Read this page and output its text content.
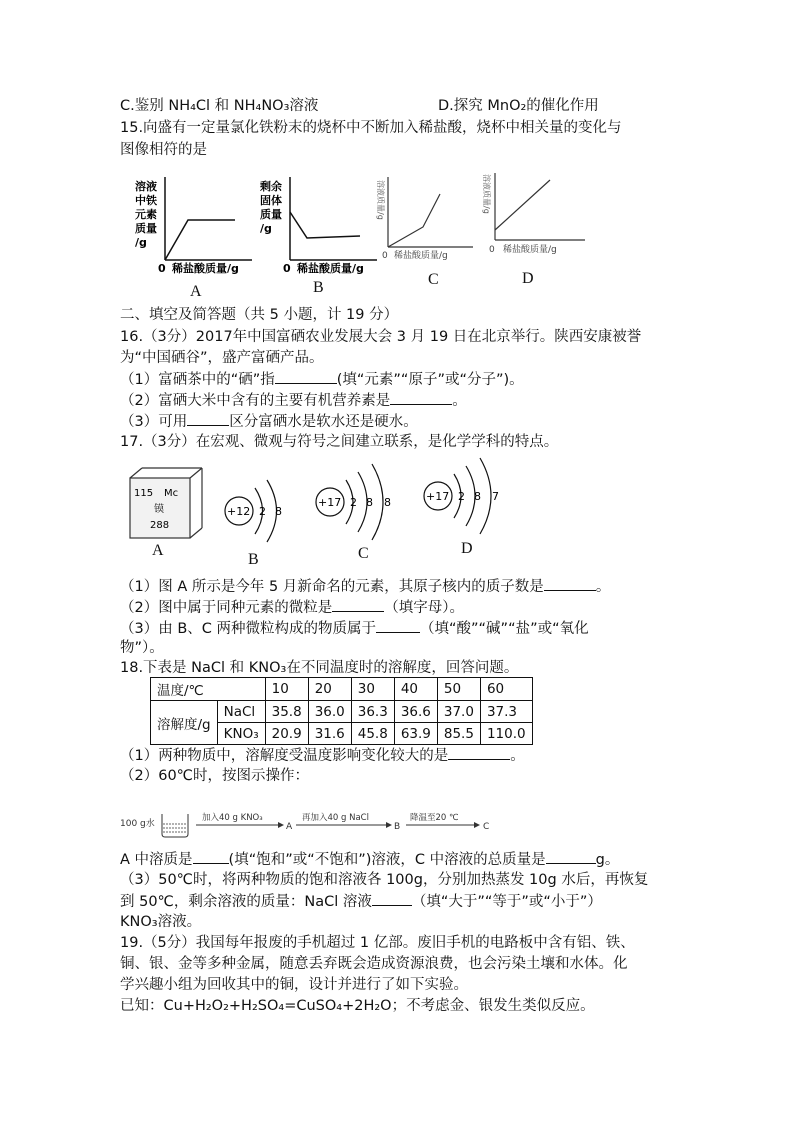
C.鉴别 NH₄Cl 和 NH₄NO₃溶液	D.探究 MnO₂的催化作用
15.向盛有一定量氯化铁粉末的烧杯中不断加入稀盐酸，烧杯中相关量的变化与
图像相符的是
溶液
中铁
元素
质量
/g
0 稀盐酸质量/g
A
剩余
固体
质量
/g
0 稀盐酸质量/g
B
溶液质量/g
0 稀盐酸质量/g
C
溶液质量/g
0 稀盐酸质量/g
D
二、填空及简答题（共 5 小题，计 19 分）
16.（3分）2017年中国富硒农业发展大会 3 月 19 日在北京举行。陕西安康被誉
为“中国硒谷”，盛产富硒产品。
（1）富硒茶中的“硒”指	(填“元素”“原子”或“分子”)。
（2）富硒大米中含有的主要有机营养素是	。
（3）可用	区分富硒水是软水还是硬水。
17.（3分）在宏观、微观与符号之间建立联系，是化学学科的特点。
115 Mc
镆
288
+12 2 8
+17 2 8 8	+17 2 8 7
A
B	C	D
（1）图 A 所示是今年 5 月新命名的元素，其原子核内的质子数是	。
（2）图中属于同种元素的微粒是	（填字母）。
（3）由 B、C 两种微粒构成的物质属于	（填“酸”“碱”“盐”或“氧化
物”）。
18.下表是 NaCl 和 KNO₃在不同温度时的溶解度，回答问题。
温度/℃		10	20	30	40	50	60
溶解度/g	NaCl	35.8	36.0	36.3	36.6	37.0	37.3
	KNO₃	20.9	31.6	45.8	63.9	85.5	110.0
（1）两种物质中，溶解度受温度影响变化较大的是	。
（2）60℃时，按图示操作：
100 g水
加入40 g KNO₃
A
再加入40 g NaCl
B
降温至20 ℃
C
A 中溶质是 (填“饱和”或“不饱和”)溶液，C 中溶液的总质量是	g。
（3）50℃时，将两种物质的饱和溶液各 100g，分别加热蒸发 10g 水后，再恢复
到 50℃，剩余溶液的质量：NaCl 溶液	（填“大于”“等于”或“小于”）
KNO₃溶液。
19.（5分）我国每年报废的手机超过 1 亿部。废旧手机的电路板中含有铝、铁、
铜、银、金等多种金属，随意丢弃既会造成资源浪费，也会污染土壤和水体。化
学兴趣小组为回收其中的铜，设计并进行了如下实验。
已知：Cu+H₂O₂+H₂SO₄=CuSO₄+2H₂O；不考虑金、银发生类似反应。
